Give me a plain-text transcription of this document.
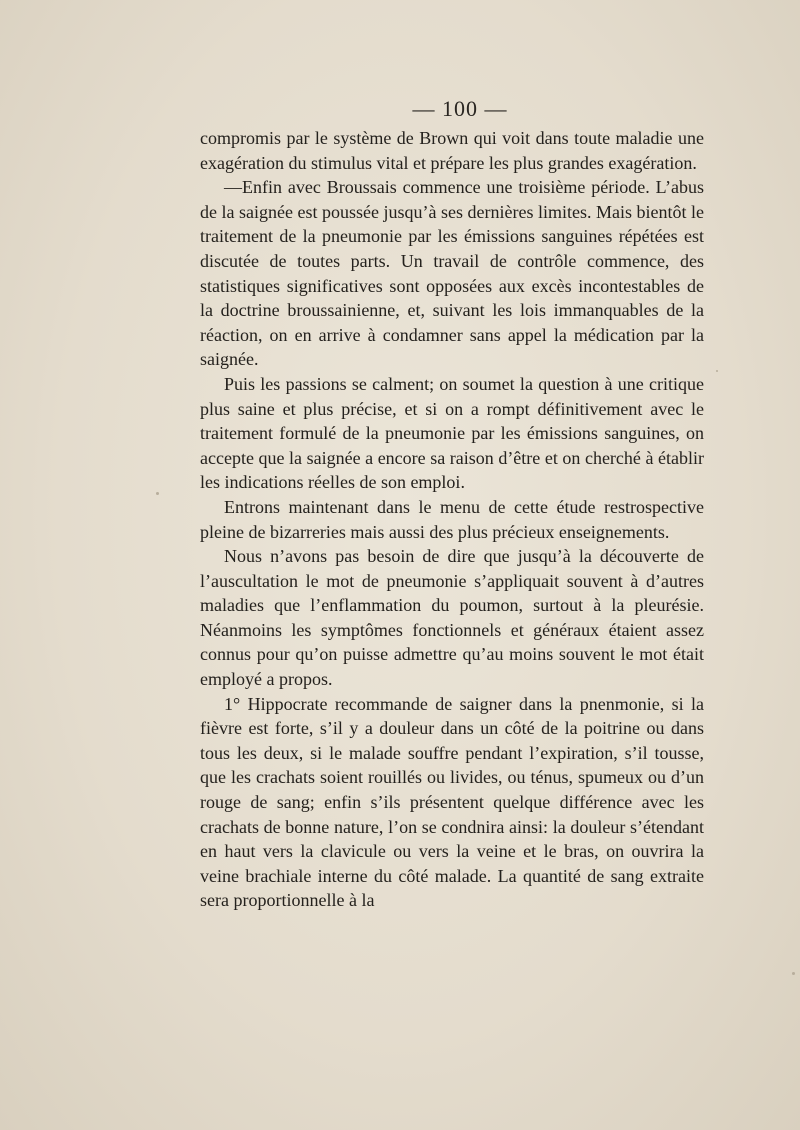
— 100 —

compromis par le système de Brown qui voit dans toute maladie une exagération du stimulus vital et prépare les plus grandes exagération.

—Enfin avec Broussais commence une troisième période. L’abus de la saignée est poussée jusqu’à ses dernières limites. Mais bientôt le traitement de la pneumonie par les émissions sanguines répétées est discutée de toutes parts. Un travail de contrôle commence, des statistiques significatives sont opposées aux excès incontestables de la doctrine broussainienne, et, suivant les lois immanquables de la réaction, on en arrive à condamner sans appel la médication par la saignée.

Puis les passions se calment; on soumet la question à une critique plus saine et plus précise, et si on a rompt définitivement avec le traitement formulé de la pneumonie par les émissions sanguines, on accepte que la saignée a encore sa raison d’être et on cherché à établir les indications réelles de son emploi.

Entrons maintenant dans le menu de cette étude restrospective pleine de bizarreries mais aussi des plus précieux enseignements.

Nous n’avons pas besoin de dire que jusqu’à la découverte de l’auscultation le mot de pneumonie s’appliquait souvent à d’autres maladies que l’enflammation du poumon, surtout à la pleurésie. Néanmoins les symptômes fonctionnels et généraux étaient assez connus pour qu’on puisse admettre qu’au moins souvent le mot était employé a propos.

1° Hippocrate recommande de saigner dans la pnenmonie, si la fièvre est forte, s’il y a douleur dans un côté de la poitrine ou dans tous les deux, si le malade souffre pendant l’expiration, s’il tousse, que les crachats soient rouillés ou livides, ou ténus, spumeux ou d’un rouge de sang; enfin s’ils présentent quelque différence avec les crachats de bonne nature, l’on se condnira ainsi: la douleur s’étendant en haut vers la clavicule ou vers la veine et le bras, on ouvrira la veine brachiale interne du côté malade. La quantité de sang extraite sera proportionnelle à la
